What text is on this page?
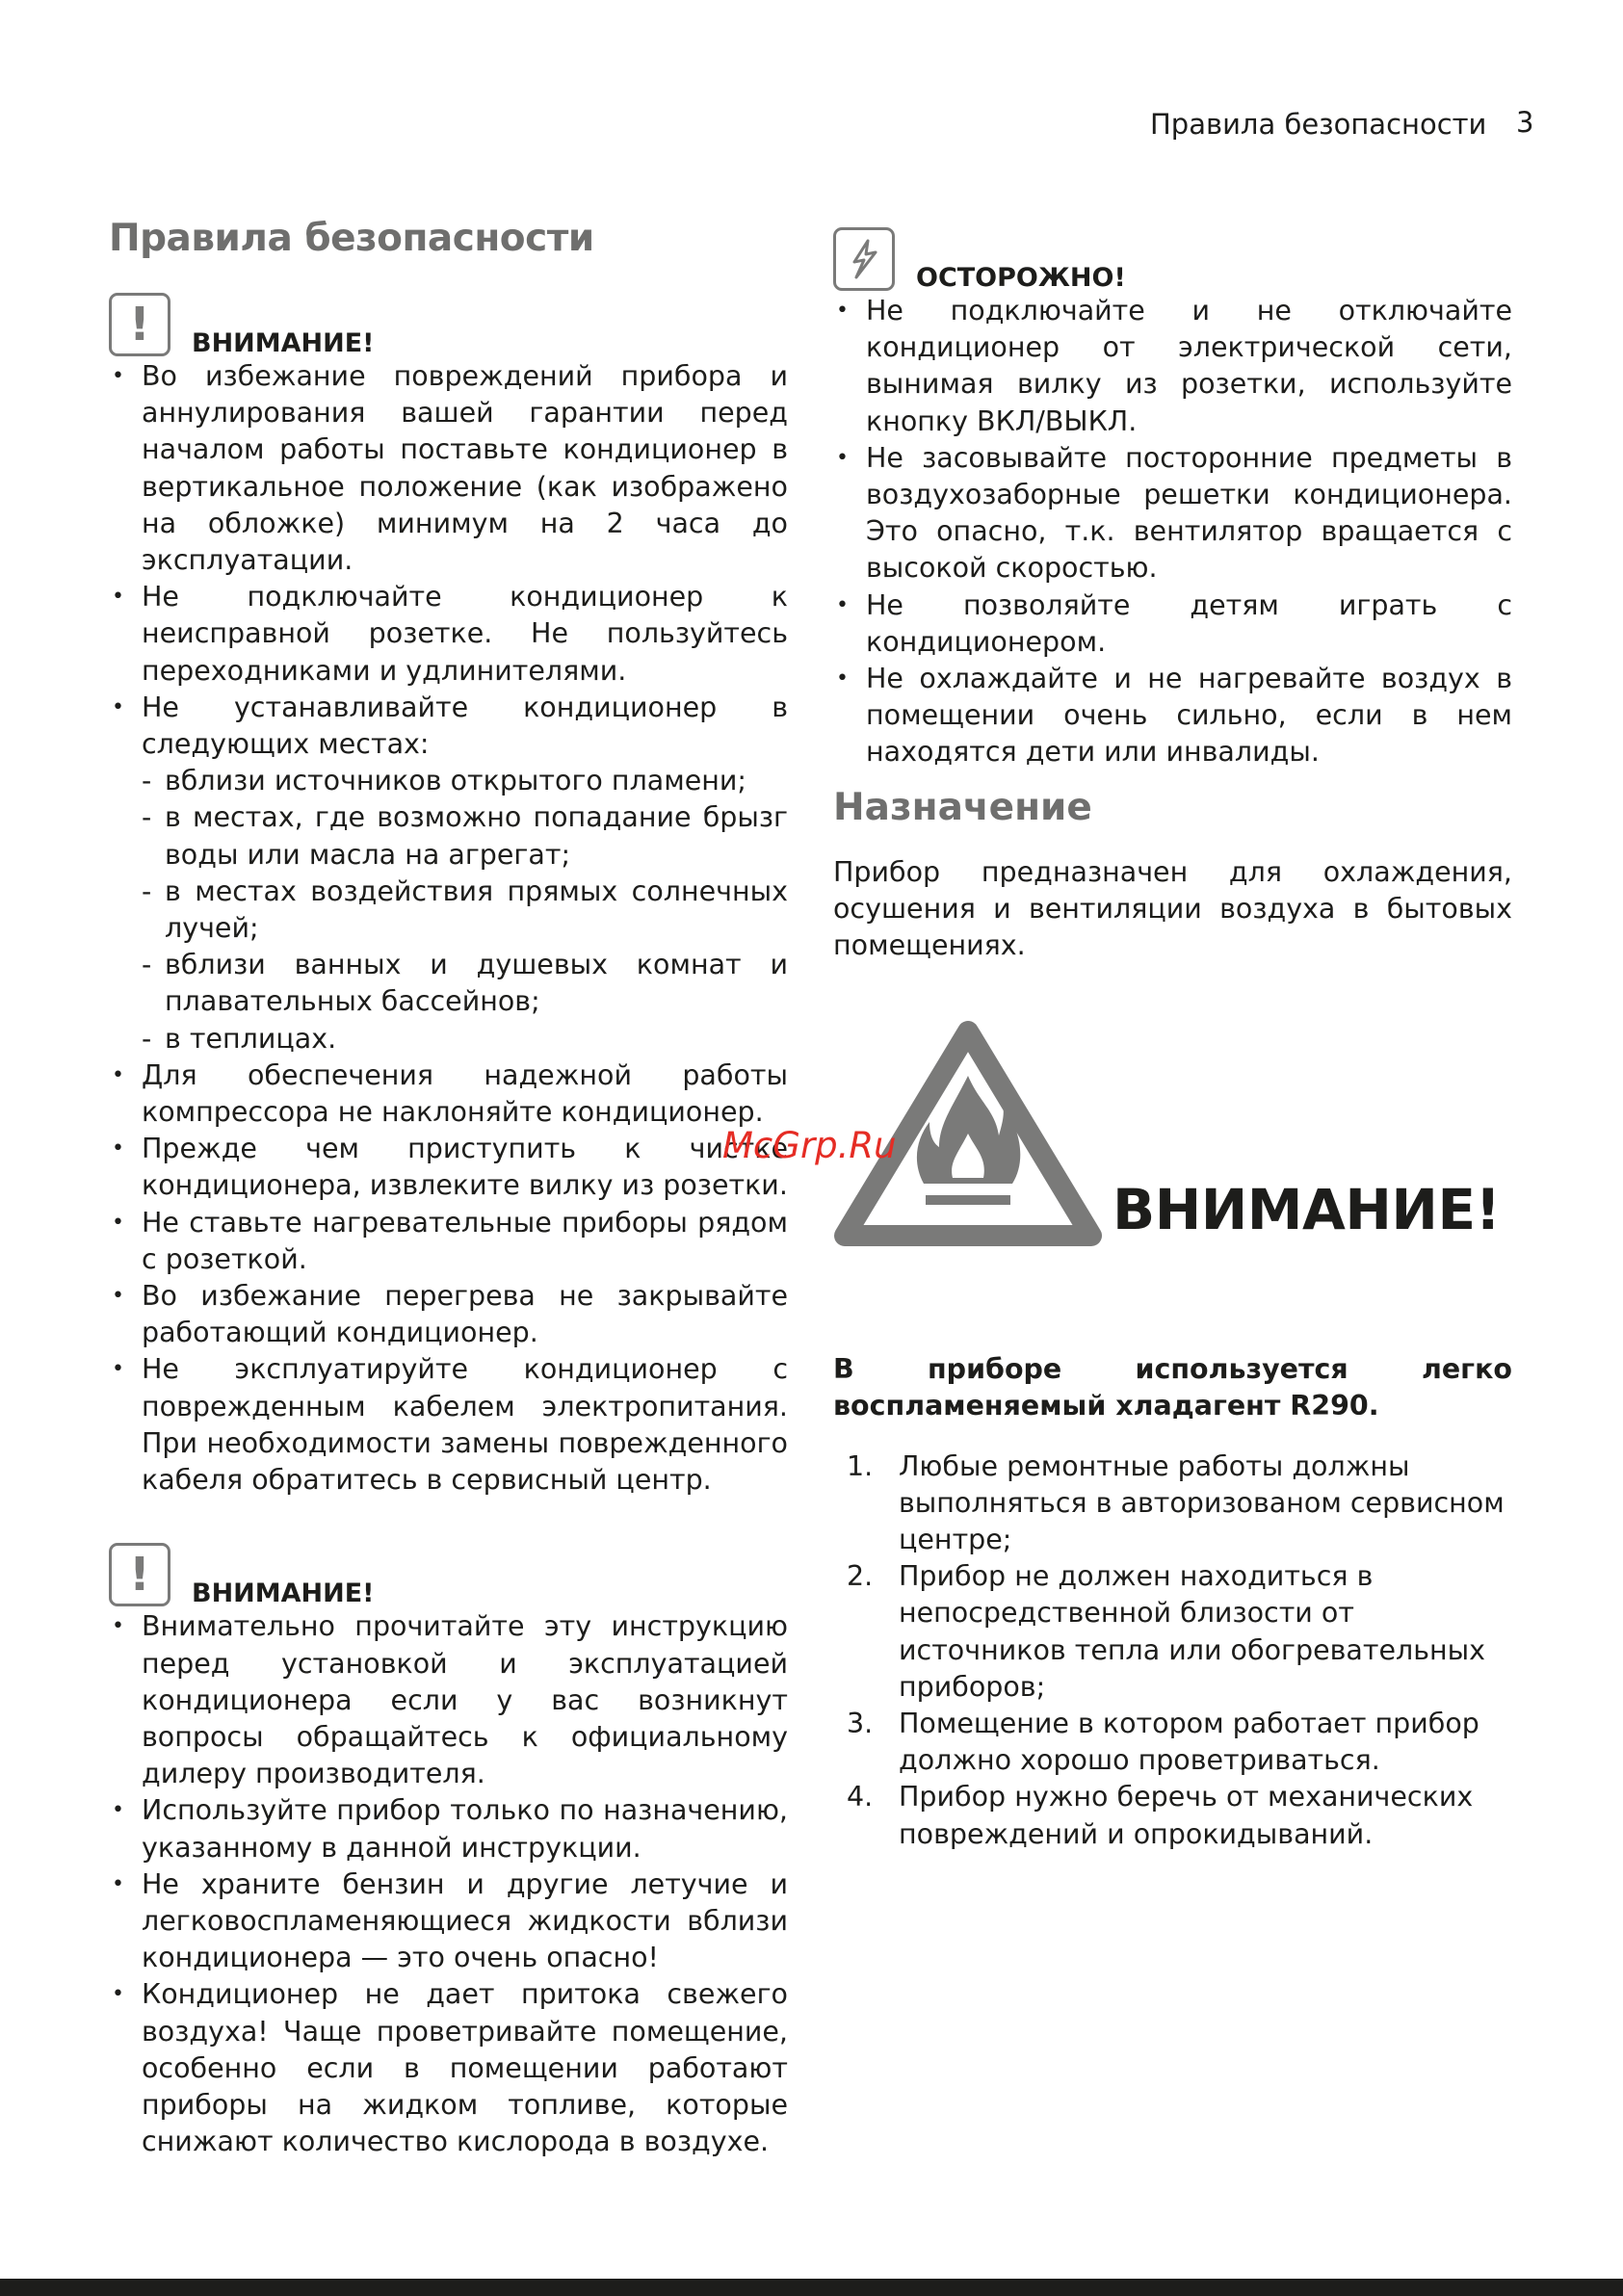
Правила безопасности 3
Правила безопасности
!	ВНИМАНИЕ!
• Во избежание повреждений прибора и аннулирования вашей гарантии перед началом работы поставьте кондиционер в вертикальное положение (как изображено на обложке) минимум на 2 часа до эксплуатации.
• Не подключайте кондиционер к неисправной розетке. Не пользуйтесь переходниками и удлинителями.
• Не устанавливайте кондиционер в следующих местах:
- вблизи источников открытого пламени;
- в местах, где возможно попадание брызг воды или масла на агрегат;
- в местах воздействия прямых солнечных лучей;
- вблизи ванных и душевых комнат и плавательных бассейнов;
- в теплицах.
• Для обеспечения надежной работы компрессора не наклоняйте кондиционер.
• Прежде чем приступить к чистке кондиционера, извлеките вилку из розетки.
• Не ставьте нагревательные приборы рядом с розеткой.
• Во избежание перегрева не закрывайте работающий кондиционер.
• Не эксплуатируйте кондиционер с поврежденным кабелем электропитания. При необходимости замены поврежденного кабеля обратитесь в сервисный центр.
!	ВНИМАНИЕ!
• Внимательно прочитайте эту инструкцию перед установкой и эксплуатацией кондиционера если у вас возникнут вопросы обращайтесь к официальному дилеру производителя.
• Используйте прибор только по назначению, указанному в данной инструкции.
• Не храните бензин и другие летучие и легковоспламеняющиеся жидкости вблизи кондиционера — это очень опасно!
• Кондиционер не дает притока свежего воздуха! Чаще проветривайте помещение, особенно если в помещении работают приборы на жидком топливе, которые снижают количество кислорода в воздухе.
ОСТОРОЖНО!
• Не подключайте и не отключайте кондиционер от электрической сети, вынимая вилку из розетки, используйте кнопку ВКЛ/ВЫКЛ.
• Не засовывайте посторонние предметы в воздухозаборные решетки кондиционера. Это опасно, т.к. вентилятор вращается с высокой скоростью.
• Не позволяйте детям играть с кондиционером.
• Не охлаждайте и не нагревайте воздух в помещении очень сильно, если в нем находятся дети или инвалиды.
Назначение

Прибор предназначен для охлаждения, осушения и вентиляции воздуха в бытовых помещениях.

ВНИМАНИЕ!

В приборе используется легко воспламеняемый хладагент R290.

1. Любые ремонтные работы должны выполняться в авторизованом сервисном центре;
2. Прибор не должен находиться в непосредственной близости от источников тепла или обогревательных приборов;
3. Помещение в котором работает прибор должно хорошо проветриваться.
4. Прибор нужно беречь от механических повреждений и опрокидываний.
McGrp.Ru
